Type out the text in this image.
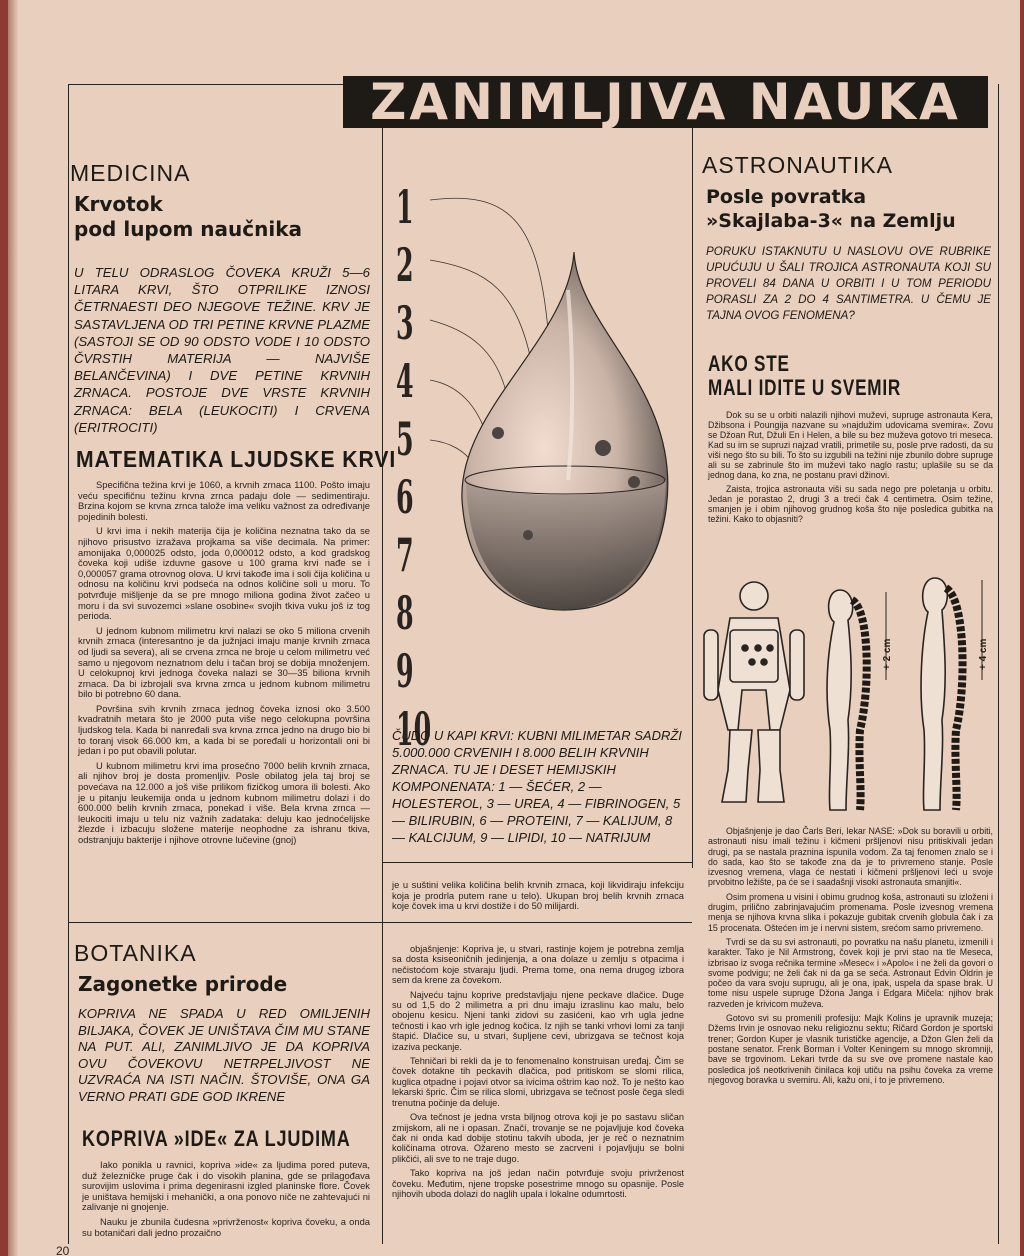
ZANIMLJIVA NAUKA
MEDICINA
Krvotok
pod lupom naučnika
U TELU ODRASLOG ČOVEKA KRUŽI 5—6 LITARA KRVI, ŠTO OTPRILIKE IZNOSI ČETRNAESTI DEO NJEGOVE TEŽINE. KRV JE SASTAVLJENA OD TRI PETINE KRVNE PLAZME (SASTOJI SE OD 90 ODSTO VODE I 10 ODSTO ČVRSTIH MATERIJA — NAJVIŠE BELANČEVINA) I DVE PETINE KRVNIH ZRNACA. POSTOJE DVE VRSTE KRVNIH ZRNACA: BELA (LEUKOCITI) I CRVENA (ERITROCITI)
MATEMATIKA LJUDSKE KRVI

Specifična težina krvi je 1060, a krvnih zrnaca 1100. Pošto imaju veću specifičnu težinu krvna zrnca padaju dole — sedimentiraju. Brzina kojom se krvna zrnca talože ima veliku važnost za određivanje pojedinih bolesti.

U krvi ima i nekih materija čija je količina neznatna tako da se njihovo prisustvo izražava projkama sa više decimala. Na primer: amonijaka 0,000025 odsto, joda 0,000012 odsto, a kod gradskog čoveka koji udiše izduvne gasove u 100 grama krvi nađe se i 0,000057 grama otrovnog olova. U krvi takođe ima i soli čija količina u odnosu na količinu krvi podseća na odnos količine soli u moru. To potvrđuje mišljenje da se pre mnogo miliona godina život začeo u moru i da svi suvozemci »slane osobine« svojih tkiva vuku još iz tog perioda.

U jednom kubnom milimetru krvi nalazi se oko 5 miliona crvenih krvnih zrnaca (interesantno je da južnjaci imaju manje krvnih zrnaca od ljudi sa severa), ali se crvena zrnca ne broje u celom milimetru već samo u njegovom neznatnom delu i tačan broj se dobija množenjem. U celokupnoj krvi jednoga čoveka nalazi se 30—35 biliona krvnih zrnaca. Da bi izbrojali sva krvna zrnca u jednom kubnom milimetru bilo bi potrebno 60 dana.

Površina svih krvnih zrnaca jednog čoveka iznosi oko 3.500 kvadratnih metara što je 2000 puta više nego celokupna površina ljudskog tela. Kada bi nanređali sva krvna zrnca jedno na drugo bio bi to toranj visok 66.000 km, a kada bi se poređali u horizontali oni bi jedan i po put obavili polutar.

U kubnom milimetru krvi ima prosečno 7000 belih krvnih zrnaca, ali njihov broj je dosta promenljiv. Posle obilatog jela taj broj se povećava na 12.000 a još više prilikom fizičkog umora ili bolesti. Ako je u pitanju leukemija onda u jednom kubnom milimetru dolazi i do 600.000 belih krvnih zrnaca, ponekad i više. Bela krvna zrnca — leukociti imaju u telu niz važnih zadataka: deluju kao jednoćelijske žlezde i izbacuju složene materije neophodne za ishranu tkiva, odstranjuju bakterije i njihove otrovne lučevine (gnoj)

1
2
3
4
5
6
7
8
9
10
ČUDO U KAPI KRVI: KUBNI MILIMETAR SADRŽI 5.000.000 CRVENIH I 8.000 BELIH KRVNIH ZRNACA. TU JE I DESET HEMIJSKIH KOMPONENATA: 1 — ŠEĆER, 2 — HOLESTEROL, 3 — UREA, 4 — FIBRINOGEN, 5 — BILIRUBIN, 6 — PROTEINI, 7 — KALIJUM, 8 — KALCIJUM, 9 — LIPIDI, 10 — NATRIJUM
je u suštini velika količina belih krvnih zrnaca, koji likvidiraju infekciju koja je prodrla putem rane u telo). Ukupan broj belih krvnih zrnaca koje čovek ima u krvi dostiže i do 50 milijardi.
ASTRONAUTIKA
Posle povratka
»Skajlaba-3« na Zemlju
PORUKU ISTAKNUTU U NASLOVU OVE RUBRIKE UPUĆUJU U ŠALI TROJICA ASTRONAUTA KOJI SU PROVELI 84 DANA U ORBITI I U TOM PERIODU PORASLI ZA 2 DO 4 SANTIMETRA. U ČEMU JE TAJNA OVOG FENOMENA?
AKO STE
MALI IDITE U SVEMIR

Dok su se u orbiti nalazili njihovi muževi, supruge astronauta Kera, Džibsona i Poungija nazvane su »najdužim udovicama svemira«. Zovu se Džoan Rut, Džuli En i Helen, a bile su bez muževa gotovo tri meseca. Kad su im se supruzi najzad vratili, primetile su, posle prve radosti, da su viši nego što su bili. To što su izgubili na težini nije zbunilo dobre supruge ali su se zabrinule što im muževi tako naglo rastu; uplašile su se da jednog dana, ko zna, ne postanu pravi džinovi.

Zaista, trojica astronauta viši su sada nego pre poletanja u orbitu. Jedan je porastao 2, drugi 3 a treći čak 4 centimetra. Osim težine, smanjen je i obim njihovog grudnog koša što nije posledica gubitka na težini. Kako to objasniti?

+ 2 cm	+ 4 cm

Objašnjenje je dao Čarls Beri, lekar NASE: »Dok su boravili u orbiti, astronauti nisu imali težinu i kičmeni pršljenovi nisu pritiskivali jedan drugi, pa se nastala praznina ispunila vodom. Za taj fenomen znalo se i do sada, kao što se takođe zna da je to privremeno stanje. Posle izvesnog vremena, vlaga će nestati i kičmeni pršljenovi leći u svoje prvobitno ležište, pa će se i saadašnji visoki astronauta smanjiti«.

Osim promena u visini i obimu grudnog koša, astronauti su izloženi i drugim, prilično zabrinjavajućim promenama. Posle izvesnog vremena menja se njihova krvna slika i pokazuje gubitak crvenih globula čak i za 15 procenata. Oštećen im je i nervni sistem, srećom samo privremeno.

Tvrdi se da su svi astronauti, po povratku na našu planetu, izmenili i karakter. Tako je Nil Armstrong, čovek koji je prvi stao na tle Meseca, izbrisao iz svoga rečnika termine »Mesec« i »Apolo« i ne želi da govori o svome podvigu; ne želi čak ni da ga se seća. Astronaut Edvin Oldrin je počeo da vara svoju suprugu, ali je ona, ipak, uspela da spase brak. U tome nisu uspele supruge Džona Janga i Edgara Mičela: njihov brak razveden je krivicom muževa.

Gotovo svi su promenili profesiju: Majk Kolins je upravnik muzeja; Džems Irvin je osnovao neku religioznu sektu; Ričard Gordon je sportski trener; Gordon Kuper je vlasnik turističke agencije, a Džon Glen želi da postane senator. Frenk Borman i Volter Keningem su mnogo skromniji, bave se trgovinom. Lekari tvrde da su sve ove promene nastale kao posledica još neotkrivenih činilaca koji utiču na psihu čoveka za vreme njegovog boravka u svemiru. Ali, kažu oni, i to je privremeno.

BOTANIKA
Zagonetke prirode
KOPRIVA NE SPADA U RED OMILJENIH BILJAKA, ČOVEK JE UNIŠTAVA ČIM MU STANE NA PUT. ALI, ZANIMLJIVO JE DA KOPRIVA OVU ČOVEKOVU NETRPELJIVOST NE UZVRAĆA NA ISTI NAČIN. ŠTOVIŠE, ONA GA VERNO PRATI GDE GOD IKRENE
KOPRIVA »IDE« ZA LJUDIMA

Iako ponikla u ravnici, kopriva »ide« za ljudima pored puteva, duž železničke pruge čak i do visokih planina, gde se prilagođava surovijim uslovima i prima degenirasni izgled planinske flore. Čovek je uništava hemijski i mehanički, a ona ponovo niče ne zahtevajući ni zalivanje ni gnojenje.

Nauku je zbunila čudesna »privrženost« kopriva čoveku, a onda su botaničari dali jedno prozaično

objašnjenje: Kopriva je, u stvari, rastinje kojem je potrebna zemlja sa dosta ksiseoničnih jedinjenja, a ona dolaze u zemlju s otpacima i nečistoćom koje stvaraju ljudi. Prema tome, ona nema drugog izbora sem da krene za čovekom.

Najveću tajnu koprive predstavljaju njene peckave dlačice. Duge su od 1,5 do 2 milimetra a pri dnu imaju izraslinu kao malu, belo obojenu kesicu. Njeni tanki zidovi su zasićeni, kao vrh ugla jedne tečnosti i kao vrh igle jednog kočica. Iz njih se tanki vrhovi lomi za tanji štapić. Dlačice su, u stvari, šupljene cevi, ubrizgava se tečnost koja izaziva peckanje.

Tehničari bi rekli da je to fenomenalno konstruisan uređaj. Čim se čovek dotakne tih peckavih dlačica, pod pritiskom se slomi rilica, kuglica otpadne i pojavi otvor sa ivicima oštrim kao nož. To je nešto kao lekarski špric. Čim se rilica slomi, ubrizgava se tečnost posle čega sledi trenutna počinje da deluje.

Ova tečnost je jedna vrsta biljnog otrova koji je po sastavu sličan zmijskom, ali ne i opasan. Značí, trovanje se ne pojavljuje kod čoveka čak ni onda kad dobije stotinu takvih uboda, jer je reč o neznatnim količinama otrova. Ožareno mesto se zacrveni i pojavljuju se bolni plikčići, ali sve to ne traje dugo.

Tako kopriva na još jedan način potvrđuje svoju privrženost čoveku. Međutim, njene tropske posestrime mnogo su opasnije. Posle njihovih uboda dolazi do naglih upala i lokalne odumrtosti.

20
